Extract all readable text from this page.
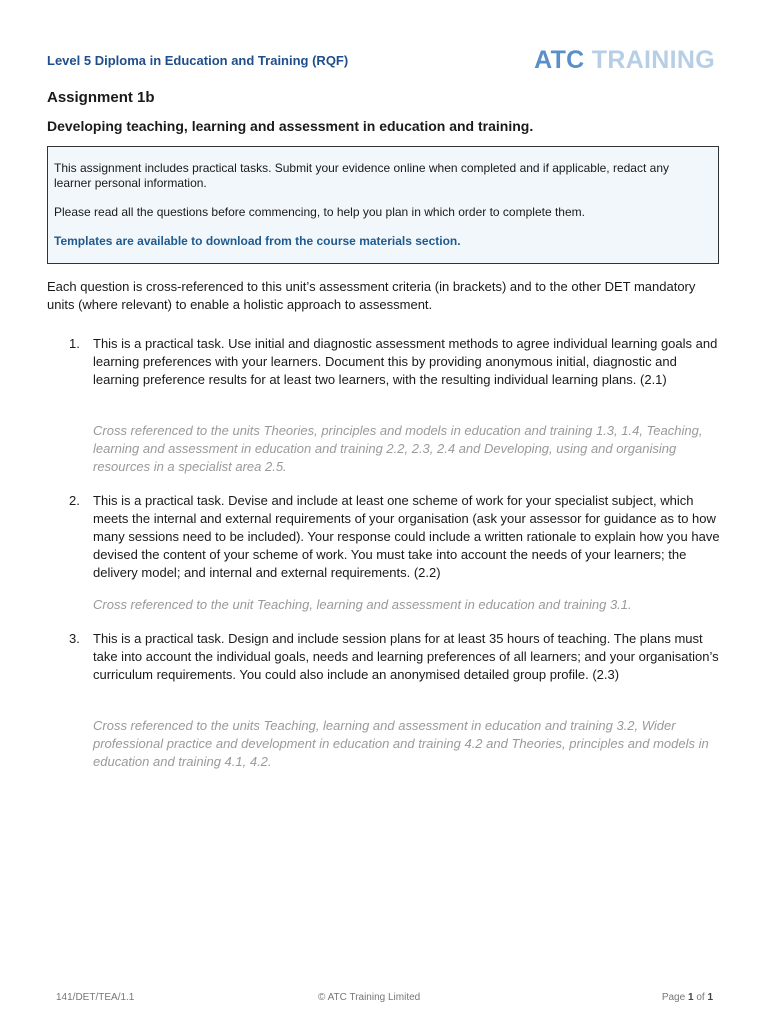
Level 5 Diploma in Education and Training (RQF)	ATC TRAINING
Assignment 1b
Developing teaching, learning and assessment in education and training.

This assignment includes practical tasks. Submit your evidence online when completed and if applicable, redact any learner personal information.

Please read all the questions before commencing, to help you plan in which order to complete them.

Templates are available to download from the course materials section.

Each question is cross-referenced to this unit’s assessment criteria (in brackets) and to the other DET mandatory units (where relevant) to enable a holistic approach to assessment.
1. This is a practical task. Use initial and diagnostic assessment methods to agree individual learning goals and learning preferences with your learners. Document this by providing anonymous initial, diagnostic and learning preference results for at least two learners, with the resulting individual learning plans. (2.1)
Cross referenced to the units Theories, principles and models in education and training 1.3, 1.4, Teaching, learning and assessment in education and training 2.2, 2.3, 2.4 and Developing, using and organising resources in a specialist area 2.5.
2. This is a practical task. Devise and include at least one scheme of work for your specialist subject, which meets the internal and external requirements of your organisation (ask your assessor for guidance as to how many sessions need to be included). Your response could include a written rationale to explain how you have devised the content of your scheme of work. You must take into account the needs of your learners; the delivery model; and internal and external requirements. (2.2)
Cross referenced to the unit Teaching, learning and assessment in education and training 3.1.
3. This is a practical task. Design and include session plans for at least 35 hours of teaching. The plans must take into account the individual goals, needs and learning preferences of all learners; and your organisation’s curriculum requirements. You could also include an anonymised detailed group profile. (2.3)
Cross referenced to the units Teaching, learning and assessment in education and training 3.2, Wider professional practice and development in education and training 4.2 and Theories, principles and models in education and training 4.1, 4.2.
141/DET/TEA/1.1	© ATC Training Limited	Page 1 of 1
